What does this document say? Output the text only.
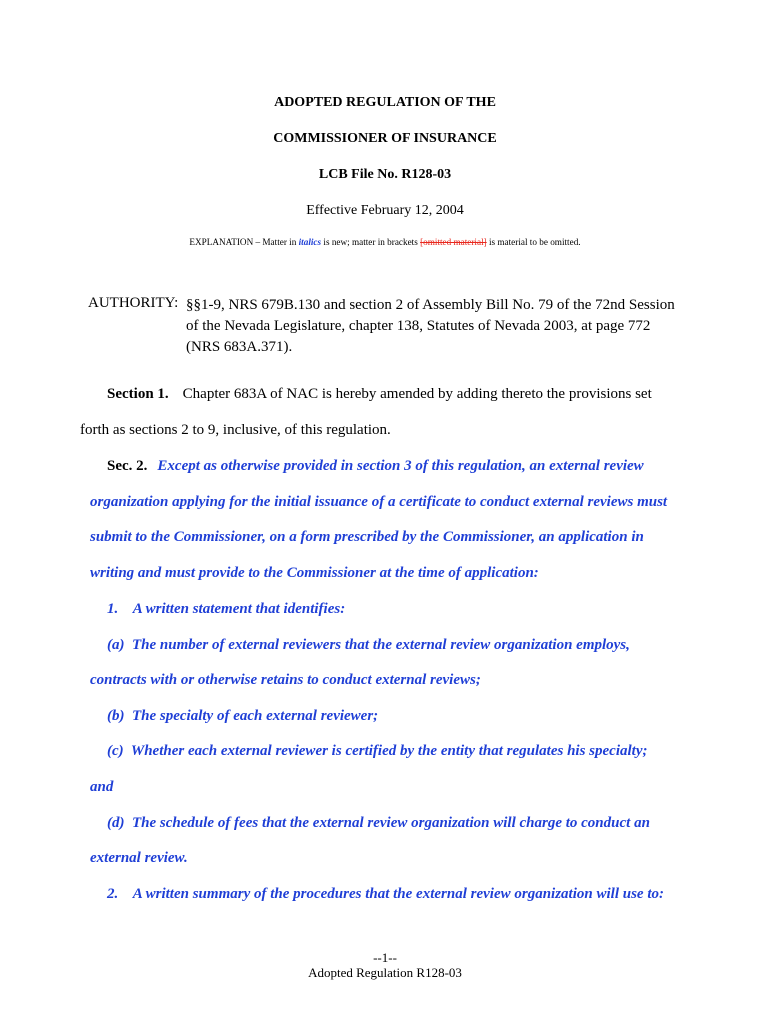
ADOPTED REGULATION OF THE
COMMISSIONER OF INSURANCE
LCB File No. R128-03
Effective February 12, 2004
EXPLANATION – Matter in italics is new; matter in brackets [omitted material] is material to be omitted.
AUTHORITY: §§1-9, NRS 679B.130 and section 2 of Assembly Bill No. 79 of the 72nd Session
of the Nevada Legislature, chapter 138, Statutes of Nevada 2003, at page 772
(NRS 683A.371).
Section 1. Chapter 683A of NAC is hereby amended by adding thereto the provisions set
forth as sections 2 to 9, inclusive, of this regulation.
Sec. 2. Except as otherwise provided in section 3 of this regulation, an external review
organization applying for the initial issuance of a certificate to conduct external reviews must
submit to the Commissioner, on a form prescribed by the Commissioner, an application in
writing and must provide to the Commissioner at the time of application:
1.    A written statement that identifies:
(a)  The number of external reviewers that the external review organization employs,
contracts with or otherwise retains to conduct external reviews;
(b)  The specialty of each external reviewer;
(c)  Whether each external reviewer is certified by the entity that regulates his specialty;
and
(d)  The schedule of fees that the external review organization will charge to conduct an
external review.
2.    A written summary of the procedures that the external review organization will use to:
--1--
Adopted Regulation R128-03
